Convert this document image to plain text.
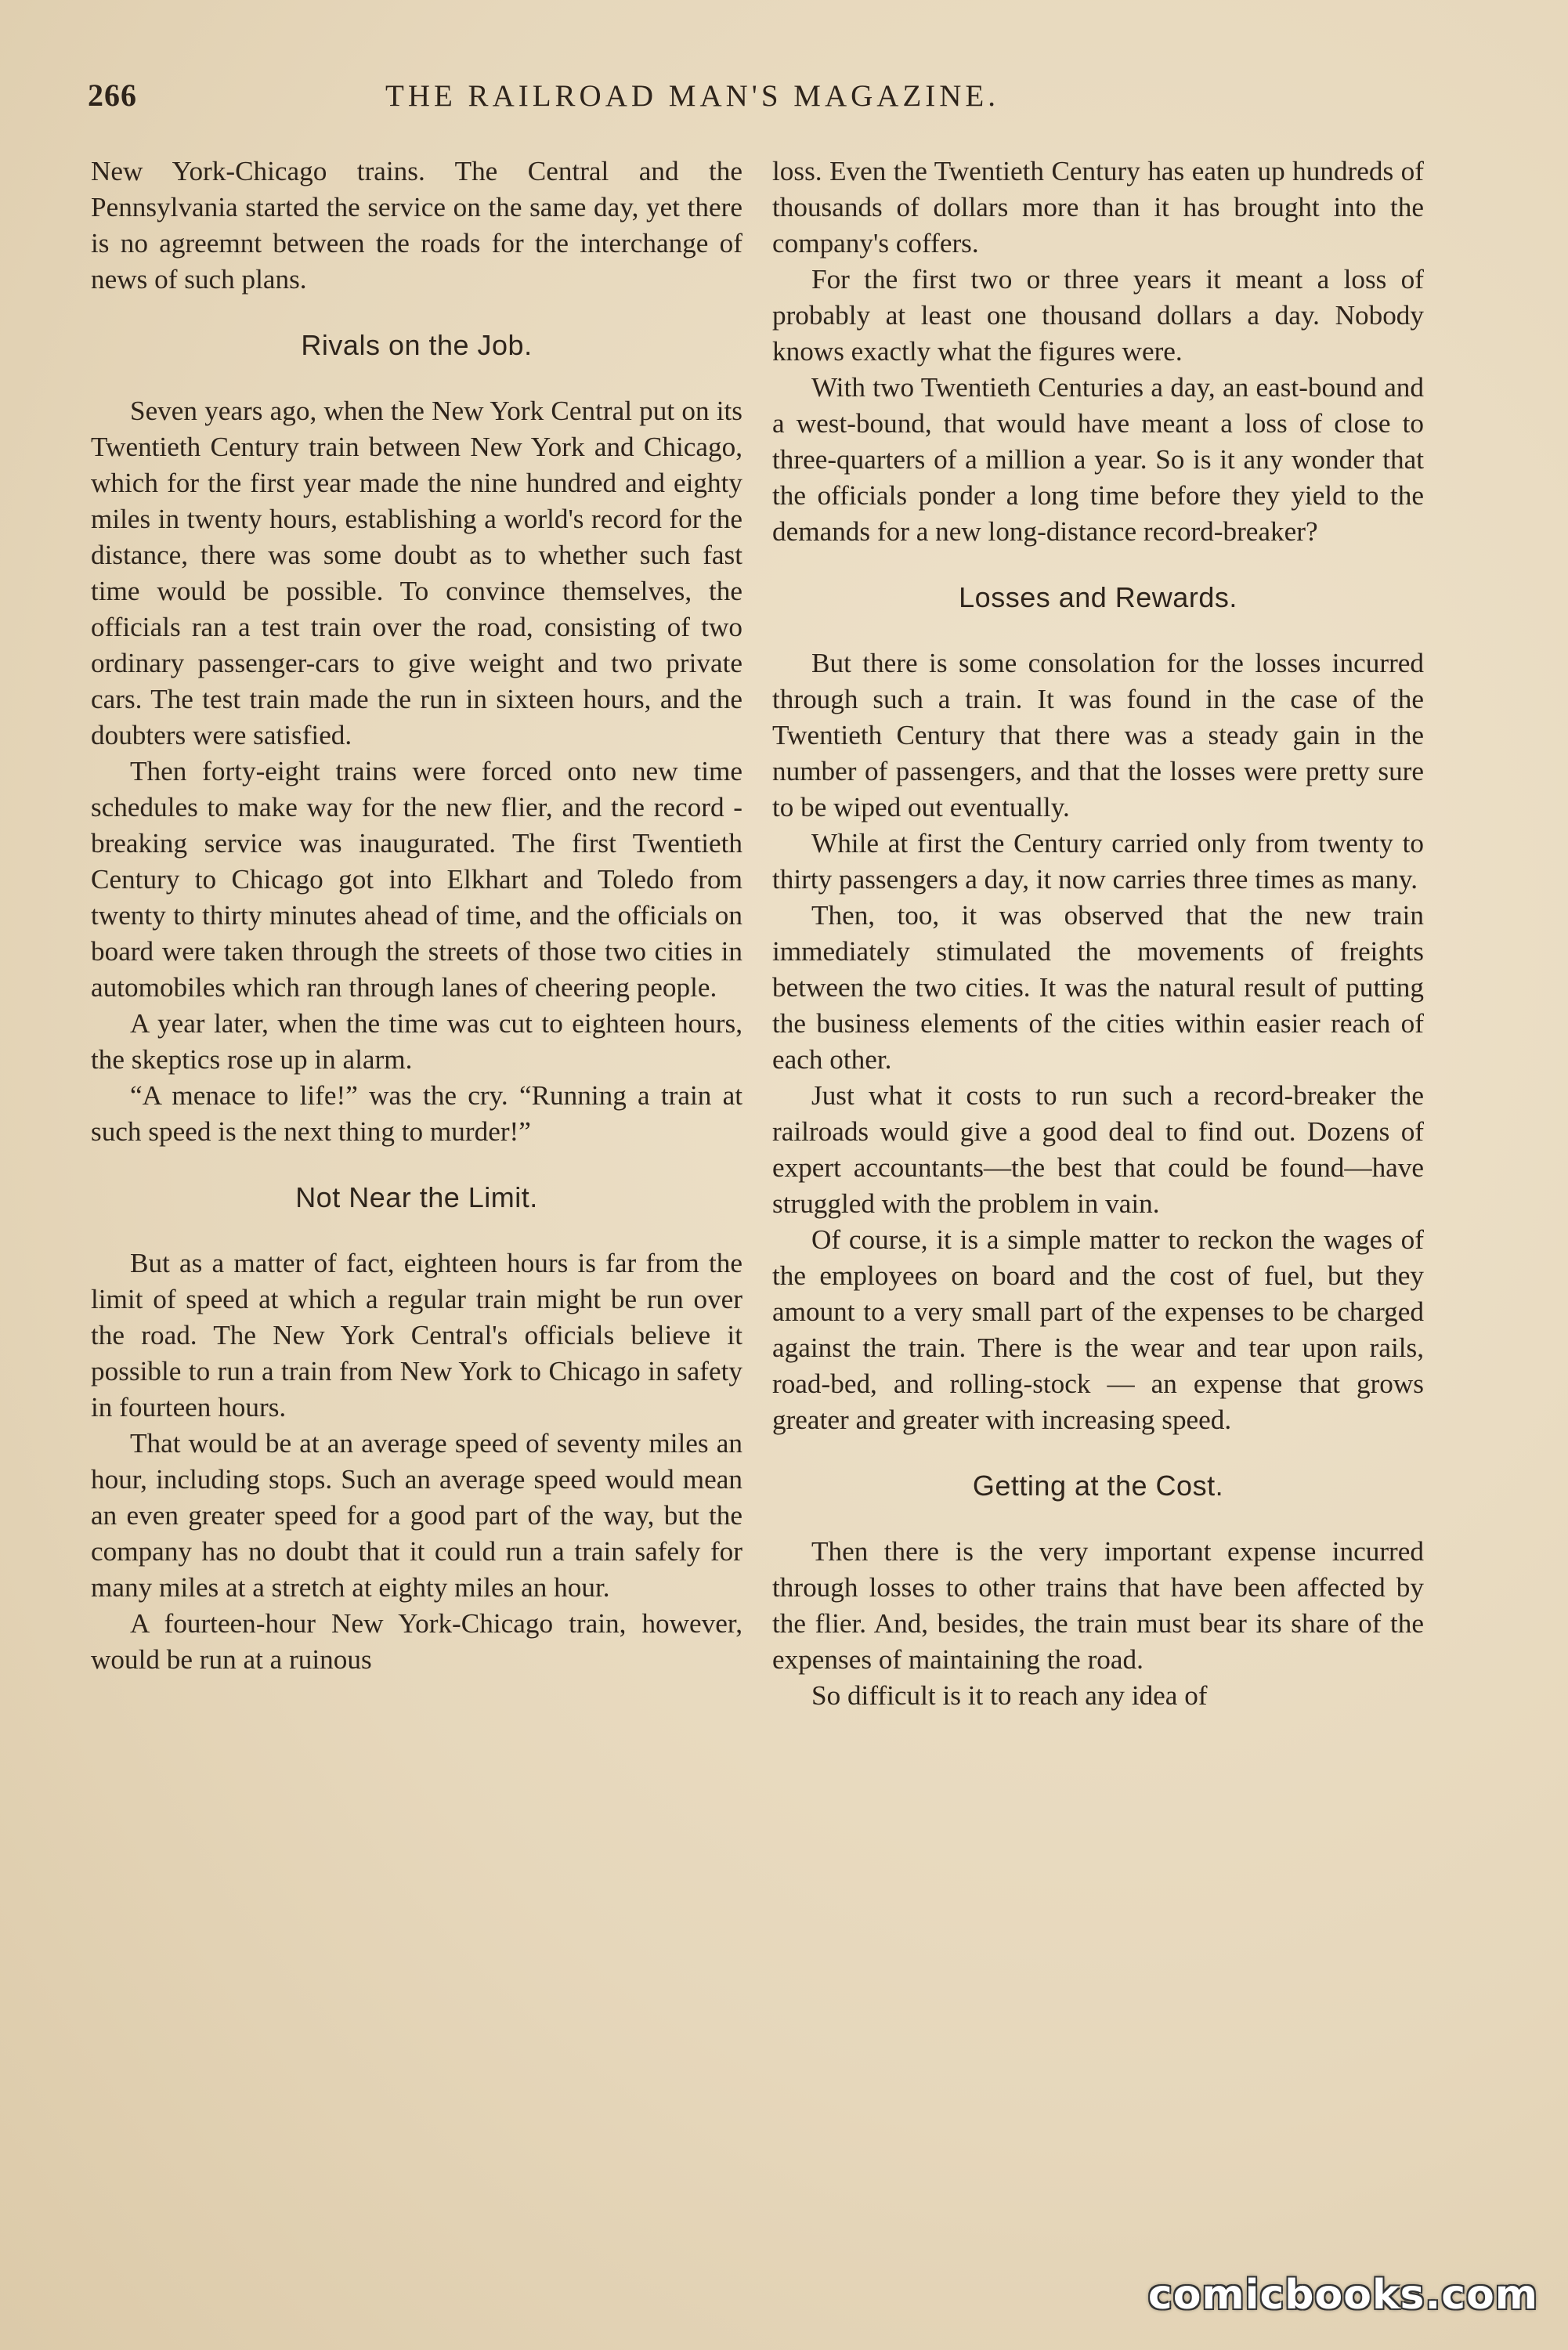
266	THE RAILROAD MAN'S MAGAZINE.

New York-Chicago trains. The Central and the Pennsylvania started the service on the same day, yet there is no agreemnt between the roads for the interchange of news of such plans.

Rivals on the Job.

Seven years ago, when the New York Central put on its Twentieth Century train between New York and Chicago, which for the first year made the nine hundred and eighty miles in twenty hours, establishing a world's record for the distance, there was some doubt as to whether such fast time would be possible. To convince themselves, the officials ran a test train over the road, consisting of two ordinary passenger-cars to give weight and two private cars. The test train made the run in sixteen hours, and the doubters were satisfied.

Then forty-eight trains were forced onto new time schedules to make way for the new flier, and the record - breaking service was inaugurated. The first Twentieth Century to Chicago got into Elkhart and Toledo from twenty to thirty minutes ahead of time, and the officials on board were taken through the streets of those two cities in automobiles which ran through lanes of cheering people.

A year later, when the time was cut to eighteen hours, the skeptics rose up in alarm.

“A menace to life!” was the cry. “Running a train at such speed is the next thing to murder!”

Not Near the Limit.

But as a matter of fact, eighteen hours is far from the limit of speed at which a regular train might be run over the road. The New York Central's officials believe it possible to run a train from New York to Chicago in safety in fourteen hours.

That would be at an average speed of seventy miles an hour, including stops. Such an average speed would mean an even greater speed for a good part of the way, but the company has no doubt that it could run a train safely for many miles at a stretch at eighty miles an hour.

A fourteen-hour New York-Chicago train, however, would be run at a ruinous

loss. Even the Twentieth Century has eaten up hundreds of thousands of dollars more than it has brought into the company's coffers.

For the first two or three years it meant a loss of probably at least one thousand dollars a day. Nobody knows exactly what the figures were.

With two Twentieth Centuries a day, an east-bound and a west-bound, that would have meant a loss of close to three-quarters of a million a year. So is it any wonder that the officials ponder a long time before they yield to the demands for a new long-distance record-breaker?

Losses and Rewards.

But there is some consolation for the losses incurred through such a train. It was found in the case of the Twentieth Century that there was a steady gain in the number of passengers, and that the losses were pretty sure to be wiped out eventually.

While at first the Century carried only from twenty to thirty passengers a day, it now carries three times as many.

Then, too, it was observed that the new train immediately stimulated the movements of freights between the two cities. It was the natural result of putting the business elements of the cities within easier reach of each other.

Just what it costs to run such a record-breaker the railroads would give a good deal to find out. Dozens of expert accountants—the best that could be found—have struggled with the problem in vain.

Of course, it is a simple matter to reckon the wages of the employees on board and the cost of fuel, but they amount to a very small part of the expenses to be charged against the train. There is the wear and tear upon rails, road-bed, and rolling-stock — an expense that grows greater and greater with increasing speed.

Getting at the Cost.

Then there is the very important expense incurred through losses to other trains that have been affected by the flier. And, besides, the train must bear its share of the expenses of maintaining the road.

So difficult is it to reach any idea of

comicbooks.com
